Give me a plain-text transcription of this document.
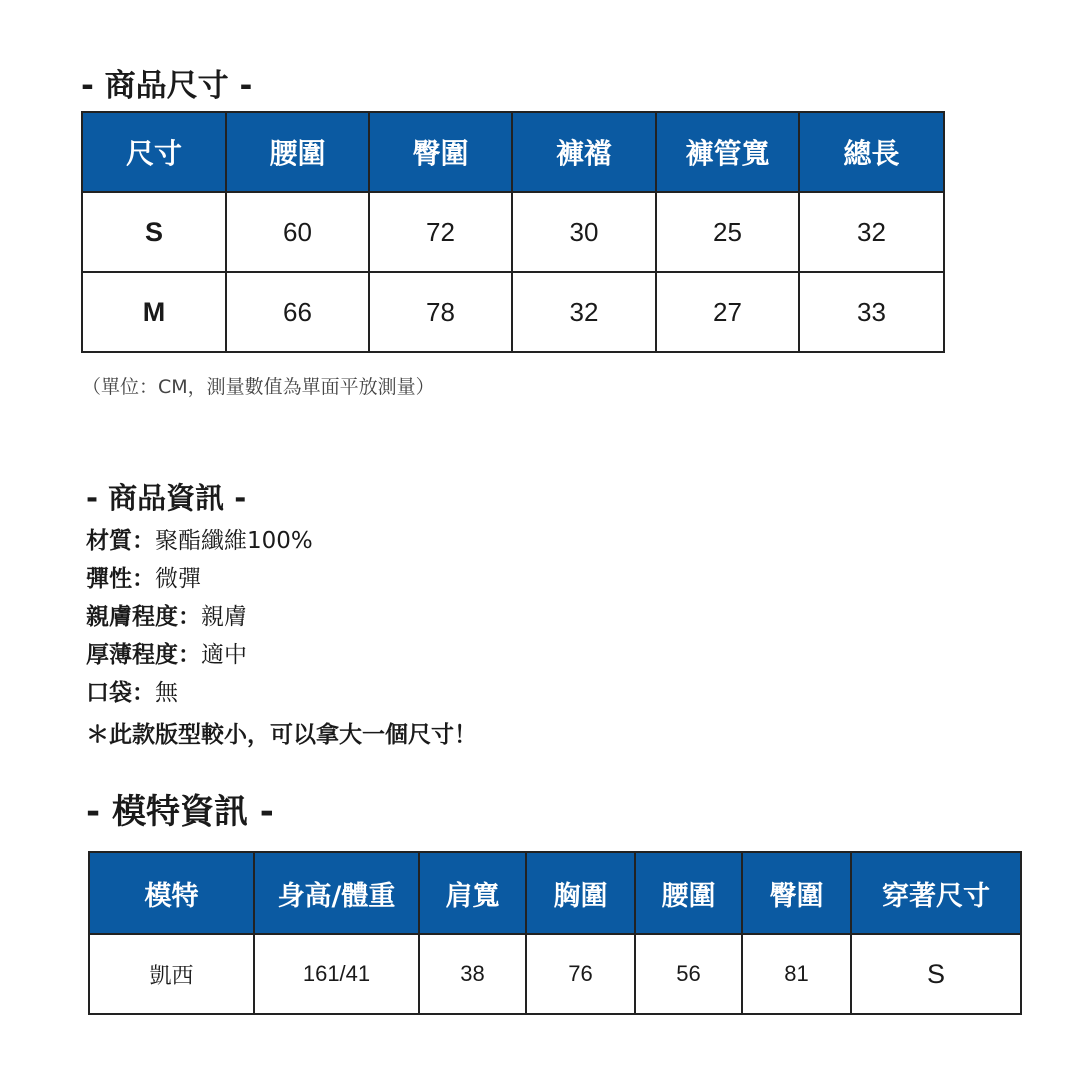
- 商品尺寸 -
尺寸	腰圍	臀圍	褲襠	褲管寬	總長
S	60	72	30	25	32
M	66	78	32	27	33

（單位：CM，測量數值為單面平放測量）

- 商品資訊 -
材質：聚酯纖維100%
彈性：微彈
親膚程度：親膚
厚薄程度：適中
口袋：無

＊此款版型較小，可以拿大一個尺寸！

- 模特資訊 -
模特	身高/體重	肩寬	胸圍	腰圍	臀圍	穿著尺寸
凱西	161/41	38	76	56	81	S
